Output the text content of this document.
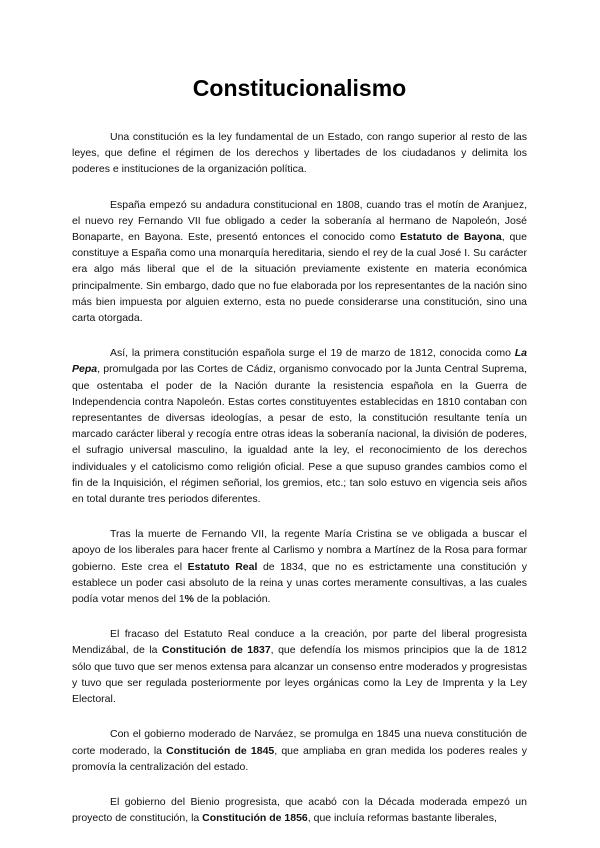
Constitucionalismo

Una constitución es la ley fundamental de un Estado, con rango superior al resto de las leyes, que define el régimen de los derechos y libertades de los ciudadanos y delimita los poderes e instituciones de la organización política.

España empezó su andadura constitucional en 1808, cuando tras el motín de Aranjuez, el nuevo rey Fernando VII fue obligado a ceder la soberanía al hermano de Napoleón, José Bonaparte, en Bayona. Este, presentó entonces el conocido como Estatuto de Bayona, que constituye a España como una monarquía hereditaria, siendo el rey de la cual José I. Su carácter era algo más liberal que el de la situación previamente existente en materia económica principalmente. Sin embargo, dado que no fue elaborada por los representantes de la nación sino más bien impuesta por alguien externo, esta no puede considerarse una constitución, sino una carta otorgada.

Así, la primera constitución española surge el 19 de marzo de 1812, conocida como La Pepa, promulgada por las Cortes de Cádiz, organismo convocado por la Junta Central Suprema, que ostentaba el poder de la Nación durante la resistencia española en la Guerra de Independencia contra Napoleón. Estas cortes constituyentes establecidas en 1810 contaban con representantes de diversas ideologías, a pesar de esto, la constitución resultante tenía un marcado carácter liberal y recogía entre otras ideas la soberanía nacional, la división de poderes, el sufragio universal masculino, la igualdad ante la ley, el reconocimiento de los derechos individuales y el catolicismo como religión oficial. Pese a que supuso grandes cambios como el fin de la Inquisición, el régimen señorial, los gremios, etc.; tan solo estuvo en vigencia seis años en total durante tres periodos diferentes.

Tras la muerte de Fernando VII, la regente María Cristina se ve obligada a buscar el apoyo de los liberales para hacer frente al Carlismo y nombra a Martínez de la Rosa para formar gobierno. Este crea el Estatuto Real de 1834, que no es estrictamente una constitución y establece un poder casi absoluto de la reina y unas cortes meramente consultivas, a las cuales podía votar menos del 1% de la población.

El fracaso del Estatuto Real conduce a la creación, por parte del liberal progresista Mendizábal, de la Constitución de 1837, que defendía los mismos principios que la de 1812 sólo que tuvo que ser menos extensa para alcanzar un consenso entre moderados y progresistas y tuvo que ser regulada posteriormente por leyes orgánicas como la Ley de Imprenta y la Ley Electoral.

Con el gobierno moderado de Narváez, se promulga en 1845 una nueva constitución de corte moderado, la Constitución de 1845, que ampliaba en gran medida los poderes reales y promovía la centralización del estado.

El gobierno del Bienio progresista, que acabó con la Década moderada empezó un proyecto de constitución, la Constitución de 1856, que incluía reformas bastante liberales,
